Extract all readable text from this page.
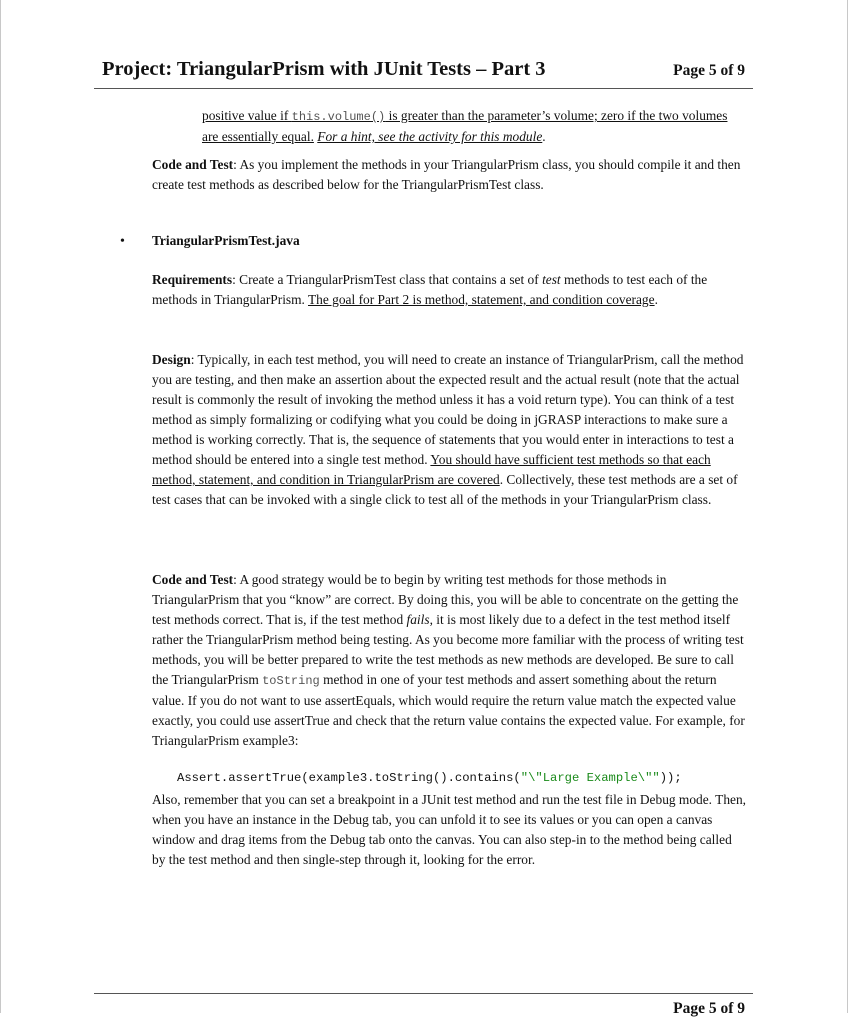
Project: TriangularPrism with JUnit Tests – Part 3	Page 5 of 9
positive value if this.volume() is greater than the parameter’s volume; zero if the two volumes are essentially equal. For a hint, see the activity for this module.
Code and Test: As you implement the methods in your TriangularPrism class, you should compile it and then create test methods as described below for the TriangularPrismTest class.
• TriangularPrismTest.java
Requirements: Create a TriangularPrismTest class that contains a set of test methods to test each of the methods in TriangularPrism. The goal for Part 2 is method, statement, and condition coverage.
Design: Typically, in each test method, you will need to create an instance of TriangularPrism, call the method you are testing, and then make an assertion about the expected result and the actual result (note that the actual result is commonly the result of invoking the method unless it has a void return type). You can think of a test method as simply formalizing or codifying what you could be doing in jGRASP interactions to make sure a method is working correctly. That is, the sequence of statements that you would enter in interactions to test a method should be entered into a single test method. You should have sufficient test methods so that each method, statement, and condition in TriangularPrism are covered. Collectively, these test methods are a set of test cases that can be invoked with a single click to test all of the methods in your TriangularPrism class.
Code and Test: A good strategy would be to begin by writing test methods for those methods in TriangularPrism that you “know” are correct. By doing this, you will be able to concentrate on the getting the test methods correct. That is, if the test method fails, it is most likely due to a defect in the test method itself rather the TriangularPrism method being testing. As you become more familiar with the process of writing test methods, you will be better prepared to write the test methods as new methods are developed. Be sure to call the TriangularPrism toString method in one of your test methods and assert something about the return value. If you do not want to use assertEquals, which would require the return value match the expected value exactly, you could use assertTrue and check that the return value contains the expected value. For example, for TriangularPrism example3:
Assert.assertTrue(example3.toString().contains("\"Large Example\""));
Also, remember that you can set a breakpoint in a JUnit test method and run the test file in Debug mode. Then, when you have an instance in the Debug tab, you can unfold it to see its values or you can open a canvas window and drag items from the Debug tab onto the canvas. You can also step-in to the method being called by the test method and then single-step through it, looking for the error.
Page 5 of 9
